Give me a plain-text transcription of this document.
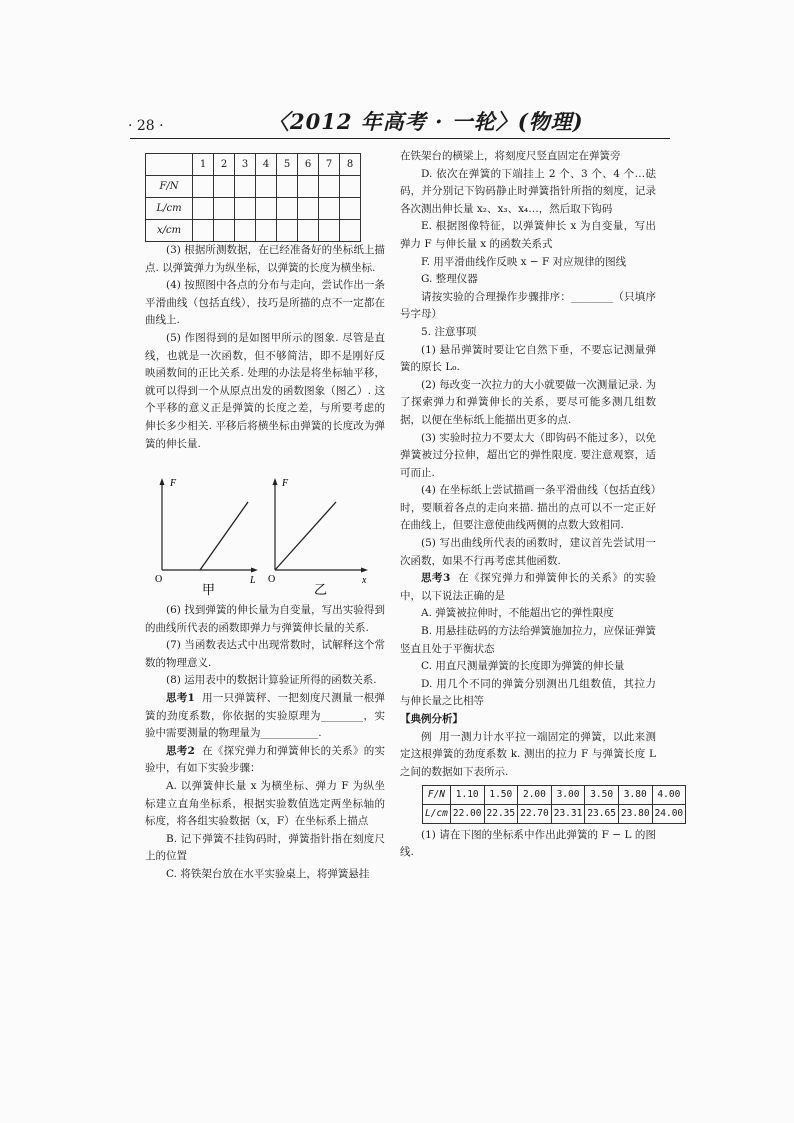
· 28 ·	〈2012 年高考 · 一轮〉(物理)
	1	2	3	4	5	6	7	8
F/N								
L/cm								
x/cm								

(3) 根据所测数据，在已经准备好的坐标纸上描点. 以弹簧弹力为纵坐标，以弹簧的长度为横坐标.

(4) 按照图中各点的分布与走向，尝试作出一条平滑曲线（包括直线），技巧是所描的点不一定都在曲线上.

(5) 作图得到的是如图甲所示的图象. 尽管是直线，也就是一次函数，但不够简洁，即不是刚好反映函数间的正比关系. 处理的办法是将坐标轴平移，就可以得到一个从原点出发的函数图象（图乙）. 这个平移的意义正是弹簧的长度之差，与所要考虑的伸长多少相关. 平移后将横坐标由弹簧的长度改为弹簧的伸长量.

F
L
O
甲
F
x
O
乙

(6) 找到弹簧的伸长量为自变量，写出实验得到的曲线所代表的函数即弹力与弹簧伸长量的关系.

(7) 当函数表达式中出现常数时，试解释这个常数的物理意义.

(8) 运用表中的数据计算验证所得的函数关系.

思考1 用一只弹簧秤、一把刻度尺测量一根弹簧的劲度系数，你依据的实验原理为________，实验中需要测量的物理量为___________.

思考2 在《探究弹力和弹簧伸长的关系》的实验中，有如下实验步骤：

A. 以弹簧伸长量 x 为横坐标、弹力 F 为纵坐标建立直角坐标系，根据实验数值选定两坐标轴的标度，将各组实验数据（x，F）在坐标系上描点

B. 记下弹簧不挂钩码时，弹簧指针指在刻度尺上的位置

C. 将铁架台放在水平实验桌上，将弹簧悬挂

在铁架台的横梁上，将刻度尺竖直固定在弹簧旁

D. 依次在弹簧的下端挂上 2 个、3 个、4 个…砝码，并分别记下钩码静止时弹簧指针所指的刻度，记录各次测出伸长量 x₂、x₃、x₄…，然后取下钩码

E. 根据图像特征，以弹簧伸长 x 为自变量，写出弹力 F 与伸长量 x 的函数关系式

F. 用平滑曲线作反映 x − F 对应规律的图线

G. 整理仪器

请按实验的合理操作步骤排序：________（只填序号字母）

5. 注意事项

(1) 悬吊弹簧时要让它自然下垂，不要忘记测量弹簧的原长 L₀.

(2) 每改变一次拉力的大小就要做一次测量记录. 为了探索弹力和弹簧伸长的关系，要尽可能多测几组数据，以便在坐标纸上能描出更多的点.

(3) 实验时拉力不要太大（即钩码不能过多），以免弹簧被过分拉伸，超出它的弹性限度. 要注意观察，适可而止.

(4) 在坐标纸上尝试描画一条平滑曲线（包括直线）时，要顺着各点的走向来描. 描出的点可以不一定正好在曲线上，但要注意使曲线两侧的点数大致相同.

(5) 写出曲线所代表的函数时，建议首先尝试用一次函数，如果不行再考虑其他函数.

思考3 在《探究弹力和弹簧伸长的关系》的实验中，以下说法正确的是

A. 弹簧被拉伸时，不能超出它的弹性限度

B. 用悬挂砝码的方法给弹簧施加拉力，应保证弹簧竖直且处于平衡状态

C. 用直尺测量弹簧的长度即为弹簧的伸长量

D. 用几个不同的弹簧分别测出几组数值，其拉力与伸长量之比相等

【典例分析】

例 用一测力计水平拉一端固定的弹簧，以此来测定这根弹簧的劲度系数 k. 测出的拉力 F 与弹簧长度 L 之间的数据如下表所示.

F/N	1.10	1.50	2.00	3.00	3.50	3.80	4.00
L/cm	22.00	22.35	22.70	23.31	23.65	23.80	24.00

(1) 请在下图的坐标系中作出此弹簧的 F − L 的图线.
